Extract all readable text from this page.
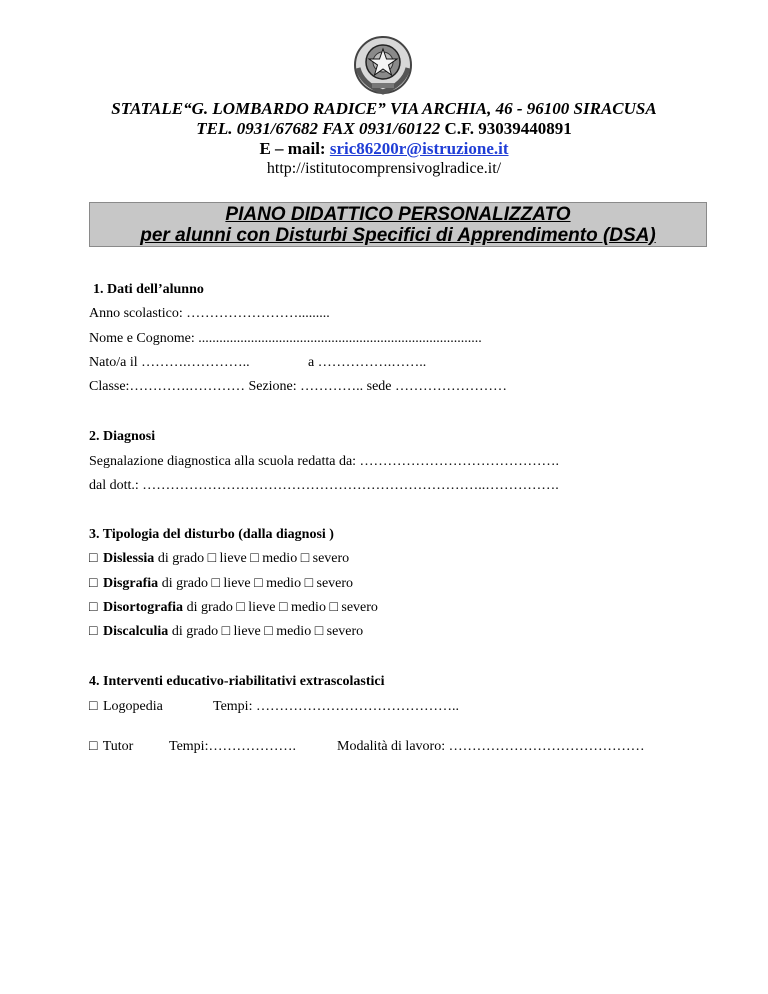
STATALE“G. LOMBARDO RADICE” VIA ARCHIA, 46 - 96100 SIRACUSA
TEL. 0931/67682 FAX 0931/60122 C.F. 93039440891
E – mail: sric86200r@istruzione.it
http://istitutocomprensivoglradice.it/
PIANO DIDATTICO PERSONALIZZATO
per alunni con Disturbi Specifici di Apprendimento (DSA)
1. Dati dell’alunno
Anno scolastico: …………………….........
Nome e Cognome: .................................................................................
Nato/a il ……….…………..	a …………….……..
Classe:………….………… Sezione: ………….. sede ……………………
2. Diagnosi
Segnalazione diagnostica alla scuola redatta da: …………………………………….
dal dott.: ………………………………………………………………..…………….
3. Tipologia del disturbo (dalla diagnosi )
□ Dislessia di grado □ lieve □ medio □ severo
□ Disgrafia di grado □ lieve □ medio □ severo
□ Disortografia di grado □ lieve □ medio □ severo
□ Discalculia di grado □ lieve □ medio □ severo
4. Interventi educativo-riabilitativi extrascolastici
□ Logopedia	Tempi: ……………………………………..
□ Tutor	Tempi:……………….	Modalità di lavoro: ……………………………………
